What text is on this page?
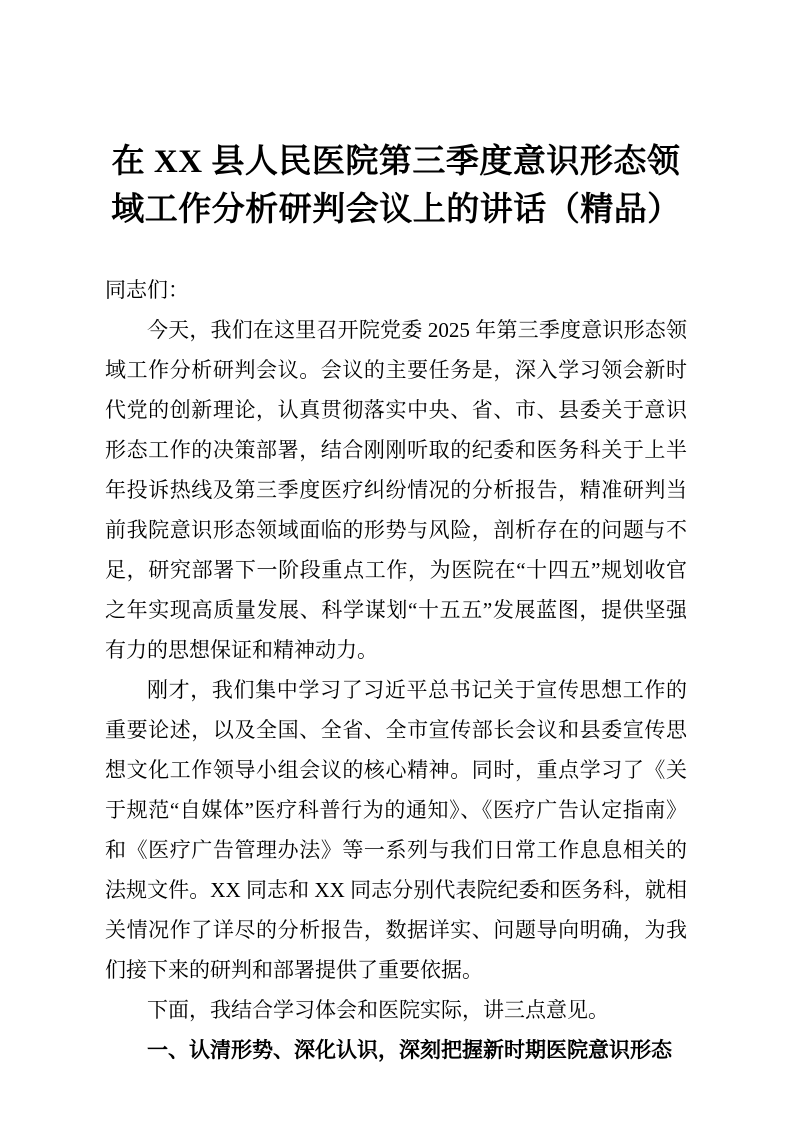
在 XX 县人民医院第三季度意识形态领域工作分析研判会议上的讲话（精品）

同志们：

今天，我们在这里召开院党委 2025 年第三季度意识形态领域工作分析研判会议。会议的主要任务是，深入学习领会新时代党的创新理论，认真贯彻落实中央、省、市、县委关于意识形态工作的决策部署，结合刚刚听取的纪委和医务科关于上半年投诉热线及第三季度医疗纠纷情况的分析报告，精准研判当前我院意识形态领域面临的形势与风险，剖析存在的问题与不足，研究部署下一阶段重点工作，为医院在“十四五”规划收官之年实现高质量发展、科学谋划“十五五”发展蓝图，提供坚强有力的思想保证和精神动力。

刚才，我们集中学习了习近平总书记关于宣传思想工作的重要论述，以及全国、全省、全市宣传部长会议和县委宣传思想文化工作领导小组会议的核心精神。同时，重点学习了《关于规范“自媒体”医疗科普行为的通知》、《医疗广告认定指南》和《医疗广告管理办法》等一系列与我们日常工作息息相关的法规文件。XX 同志和 XX 同志分别代表院纪委和医务科，就相关情况作了详尽的分析报告，数据详实、问题导向明确，为我们接下来的研判和部署提供了重要依据。

下面，我结合学习体会和医院实际，讲三点意见。

一、认清形势、深化认识，深刻把握新时期医院意识形态
